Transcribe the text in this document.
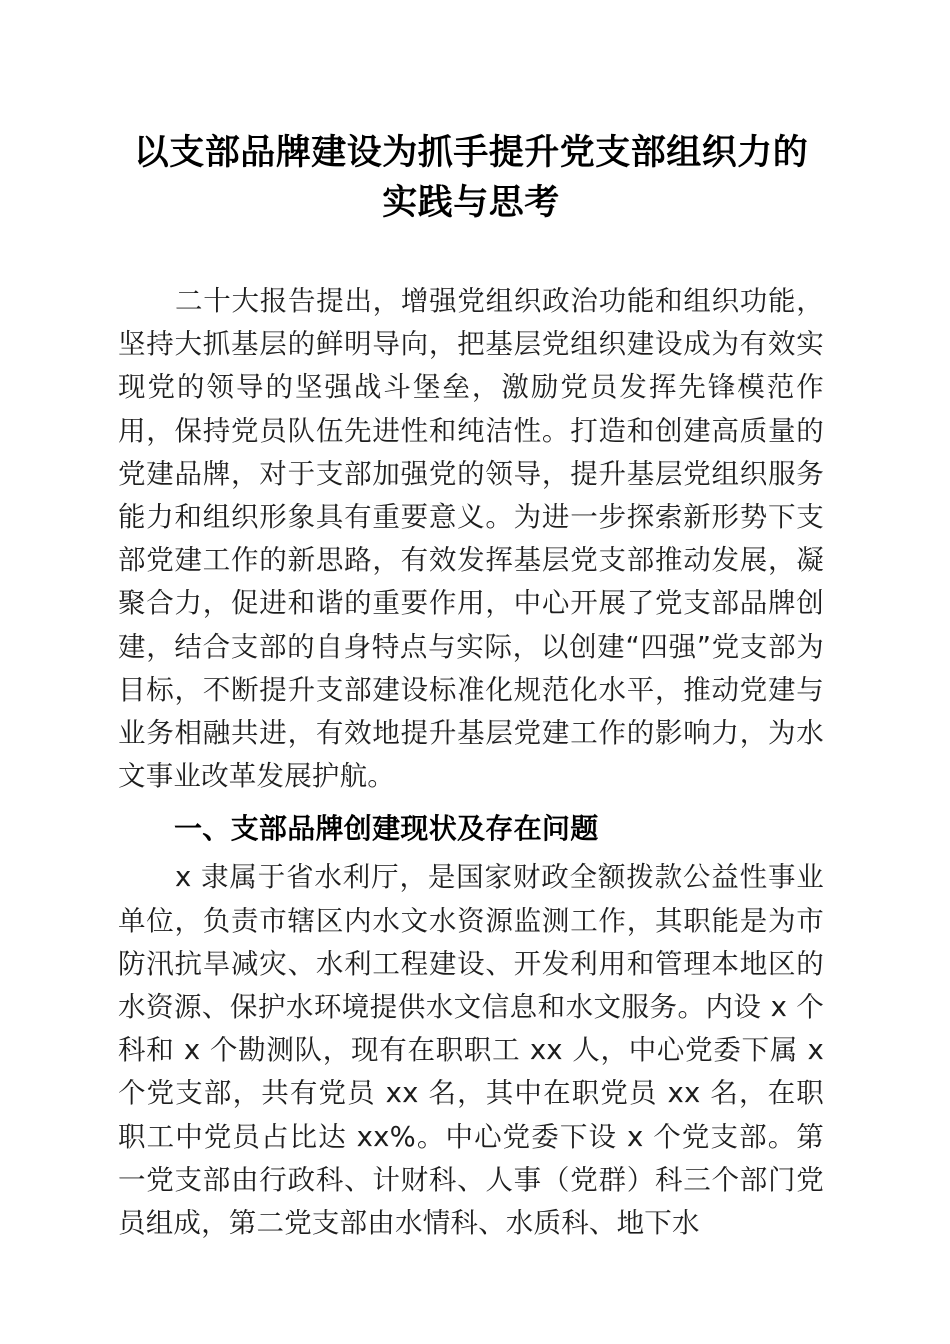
以支部品牌建设为抓手提升党支部组织力的实践与思考

二十大报告提出，增强党组织政治功能和组织功能，坚持大抓基层的鲜明导向，把基层党组织建设成为有效实现党的领导的坚强战斗堡垒，激励党员发挥先锋模范作用，保持党员队伍先进性和纯洁性。打造和创建高质量的党建品牌，对于支部加强党的领导，提升基层党组织服务能力和组织形象具有重要意义。为进一步探索新形势下支部党建工作的新思路，有效发挥基层党支部推动发展，凝聚合力，促进和谐的重要作用，中心开展了党支部品牌创建，结合支部的自身特点与实际，以创建“四强”党支部为目标，不断提升支部建设标准化规范化水平，推动党建与业务相融共进，有效地提升基层党建工作的影响力，为水文事业改革发展护航。

一、支部品牌创建现状及存在问题

x 隶属于省水利厅，是国家财政全额拨款公益性事业单位，负责市辖区内水文水资源监测工作，其职能是为市防汛抗旱减灾、水利工程建设、开发利用和管理本地区的水资源、保护水环境提供水文信息和水文服务。内设 x 个科和 x 个勘测队，现有在职职工 xx 人，中心党委下属 x 个党支部，共有党员 xx 名，其中在职党员 xx 名，在职职工中党员占比达 xx%。中心党委下设 x 个党支部。第一党支部由行政科、计财科、人事（党群）科三个部门党员组成，第二党支部由水情科、水质科、地下水
